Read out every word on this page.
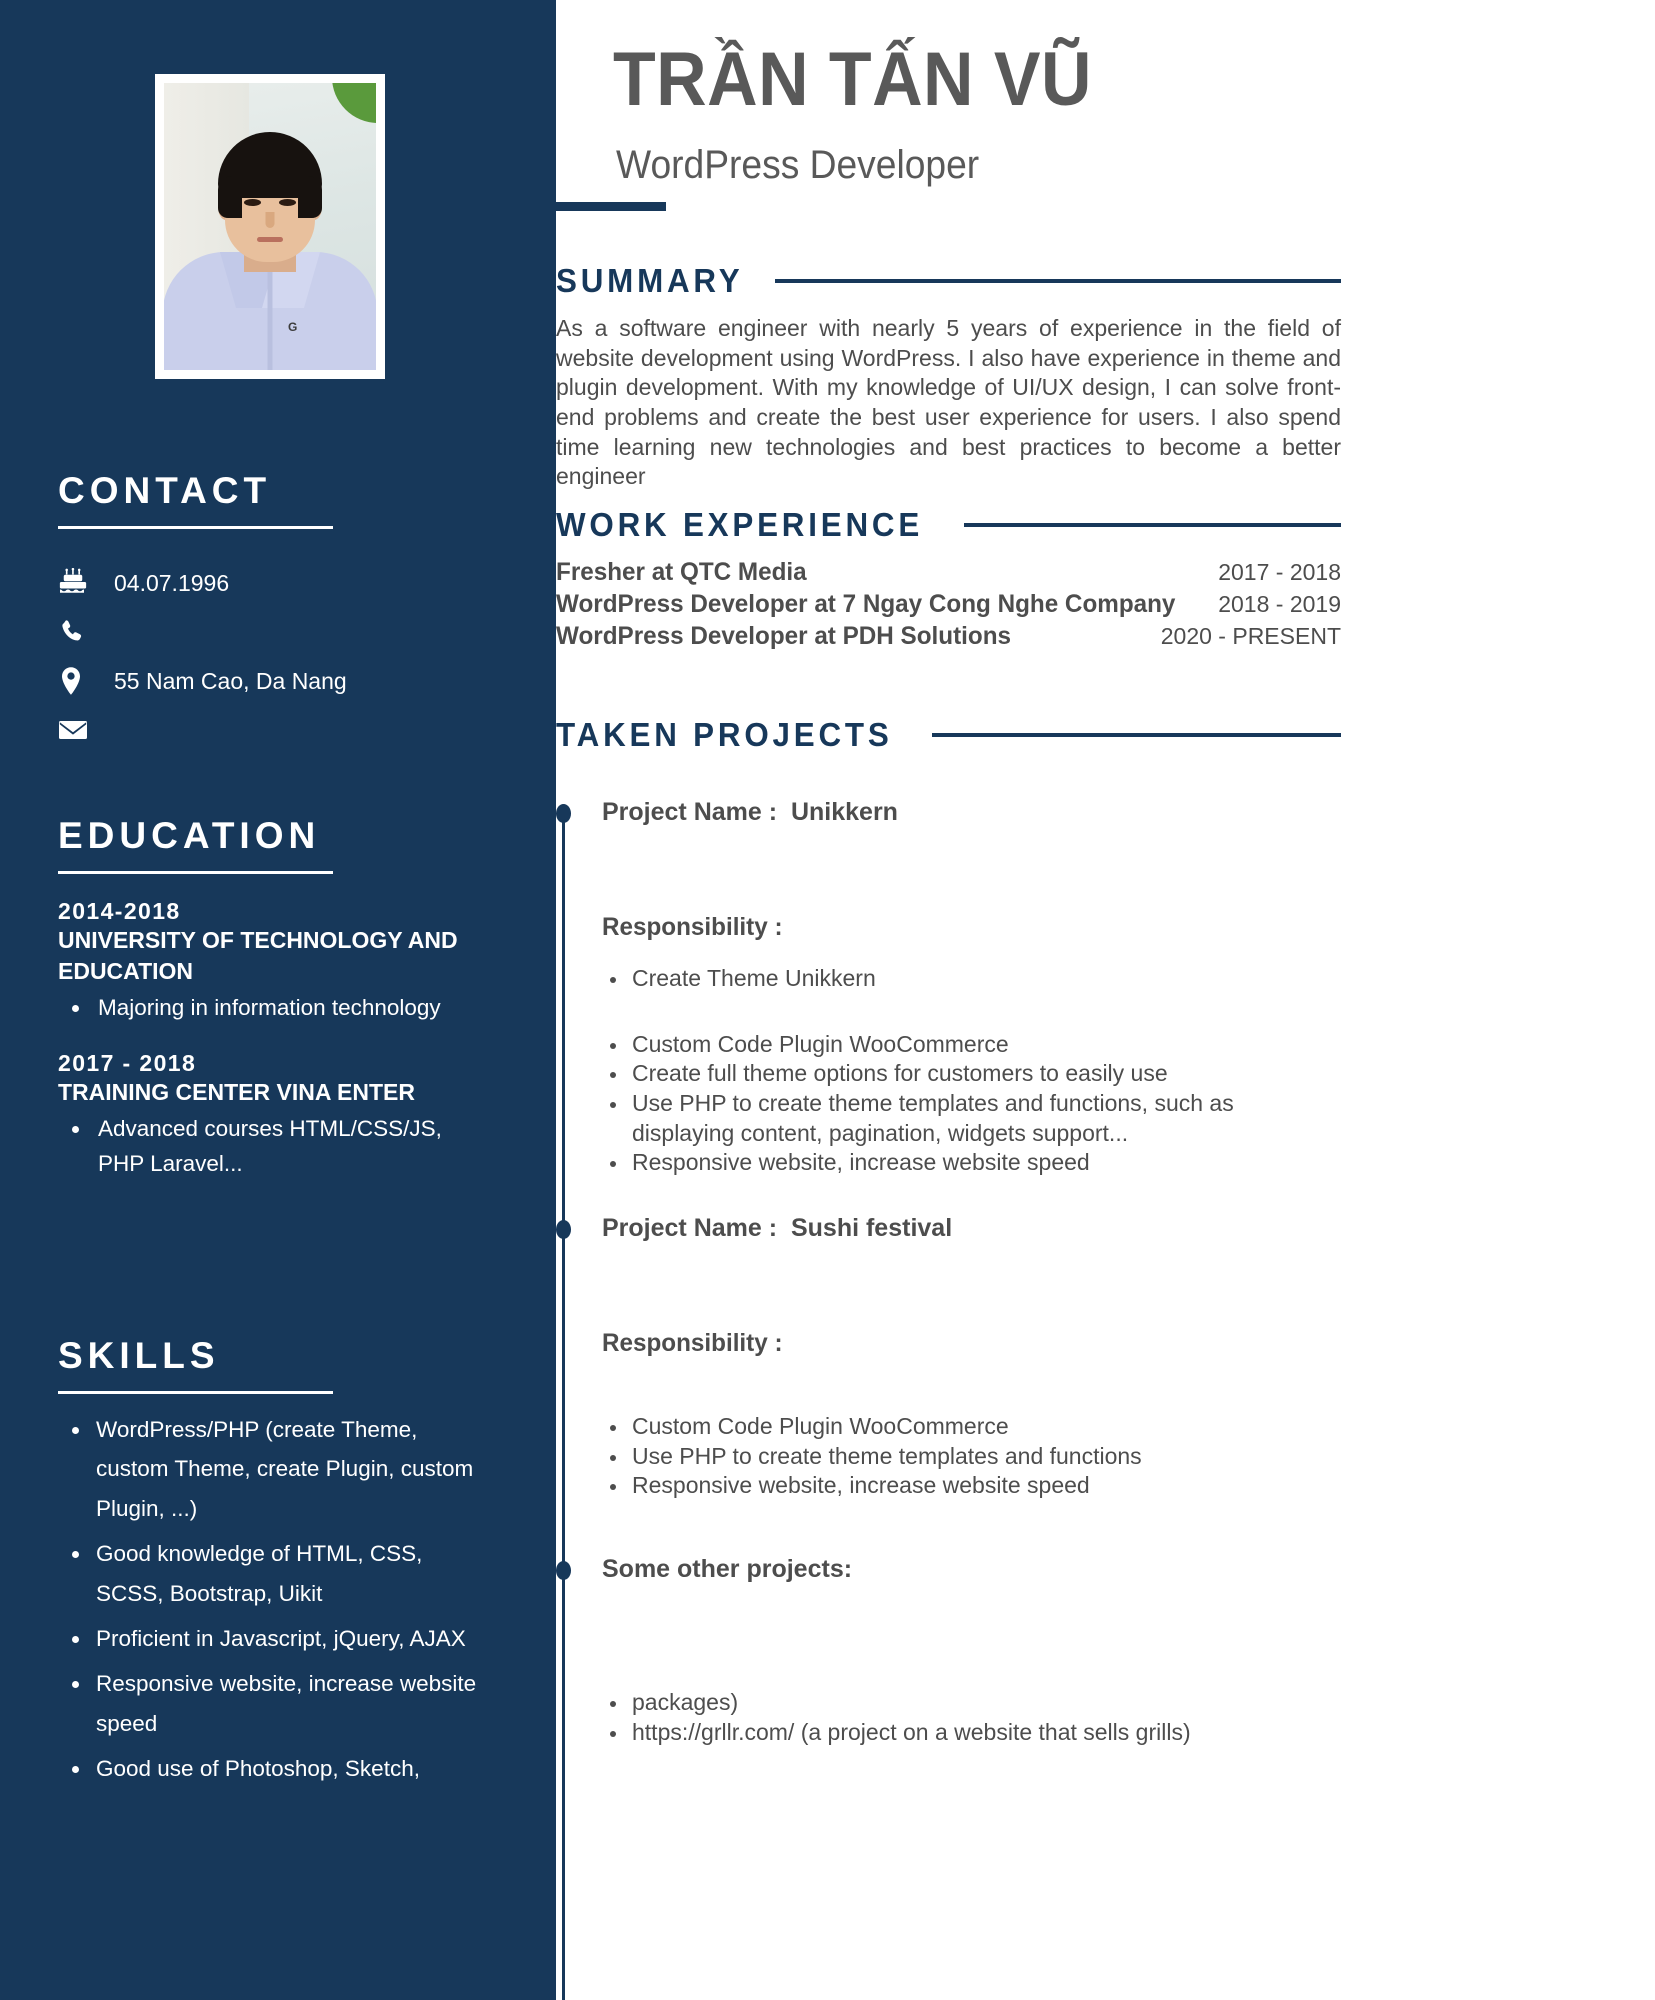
G
CONTACT
04.07.1996
55 Nam Cao, Da Nang
EDUCATION
2014-2018
UNIVERSITY OF TECHNOLOGY AND EDUCATION
Majoring in information technology
2017 - 2018
TRAINING CENTER VINA ENTER
Advanced courses HTML/CSS/JS, PHP Laravel...
SKILLS
WordPress/PHP (create Theme, custom Theme, create Plugin, custom Plugin, ...)
Good knowledge of HTML, CSS, SCSS, Bootstrap, Uikit
Proficient in Javascript, jQuery, AJAX
Responsive website, increase website speed
Good use of Photoshop, Sketch,
TRẦN TẤN VŨ
WordPress Developer
SUMMARY
As a software engineer with nearly 5 years of experience in the field of website development using WordPress. I also have experience in theme and plugin development. With my knowledge of UI/UX design, I can solve front-end problems and create the best user experience for users. I also spend time learning new technologies and best practices to become a better engineer
WORK EXPERIENCE
Fresher at QTC Media	2017 - 2018
WordPress Developer at 7 Ngay Cong Nghe Company 2018 - 2019
WordPress Developer at PDH Solutions	2020 - PRESENT
TAKEN PROJECTS
Project Name : Unikkern
Responsibility :
Create Theme Unikkern
Custom Code Plugin WooCommerce
Create full theme options for customers to easily use
Use PHP to create theme templates and functions, such as displaying content, pagination, widgets support...
Responsive website, increase website speed
Project Name : Sushi festival
Responsibility :
Custom Code Plugin WooCommerce
Use PHP to create theme templates and functions
Responsive website, increase website speed
Some other projects:
packages)
https://grllr.com/ (a project on a website that sells grills)
